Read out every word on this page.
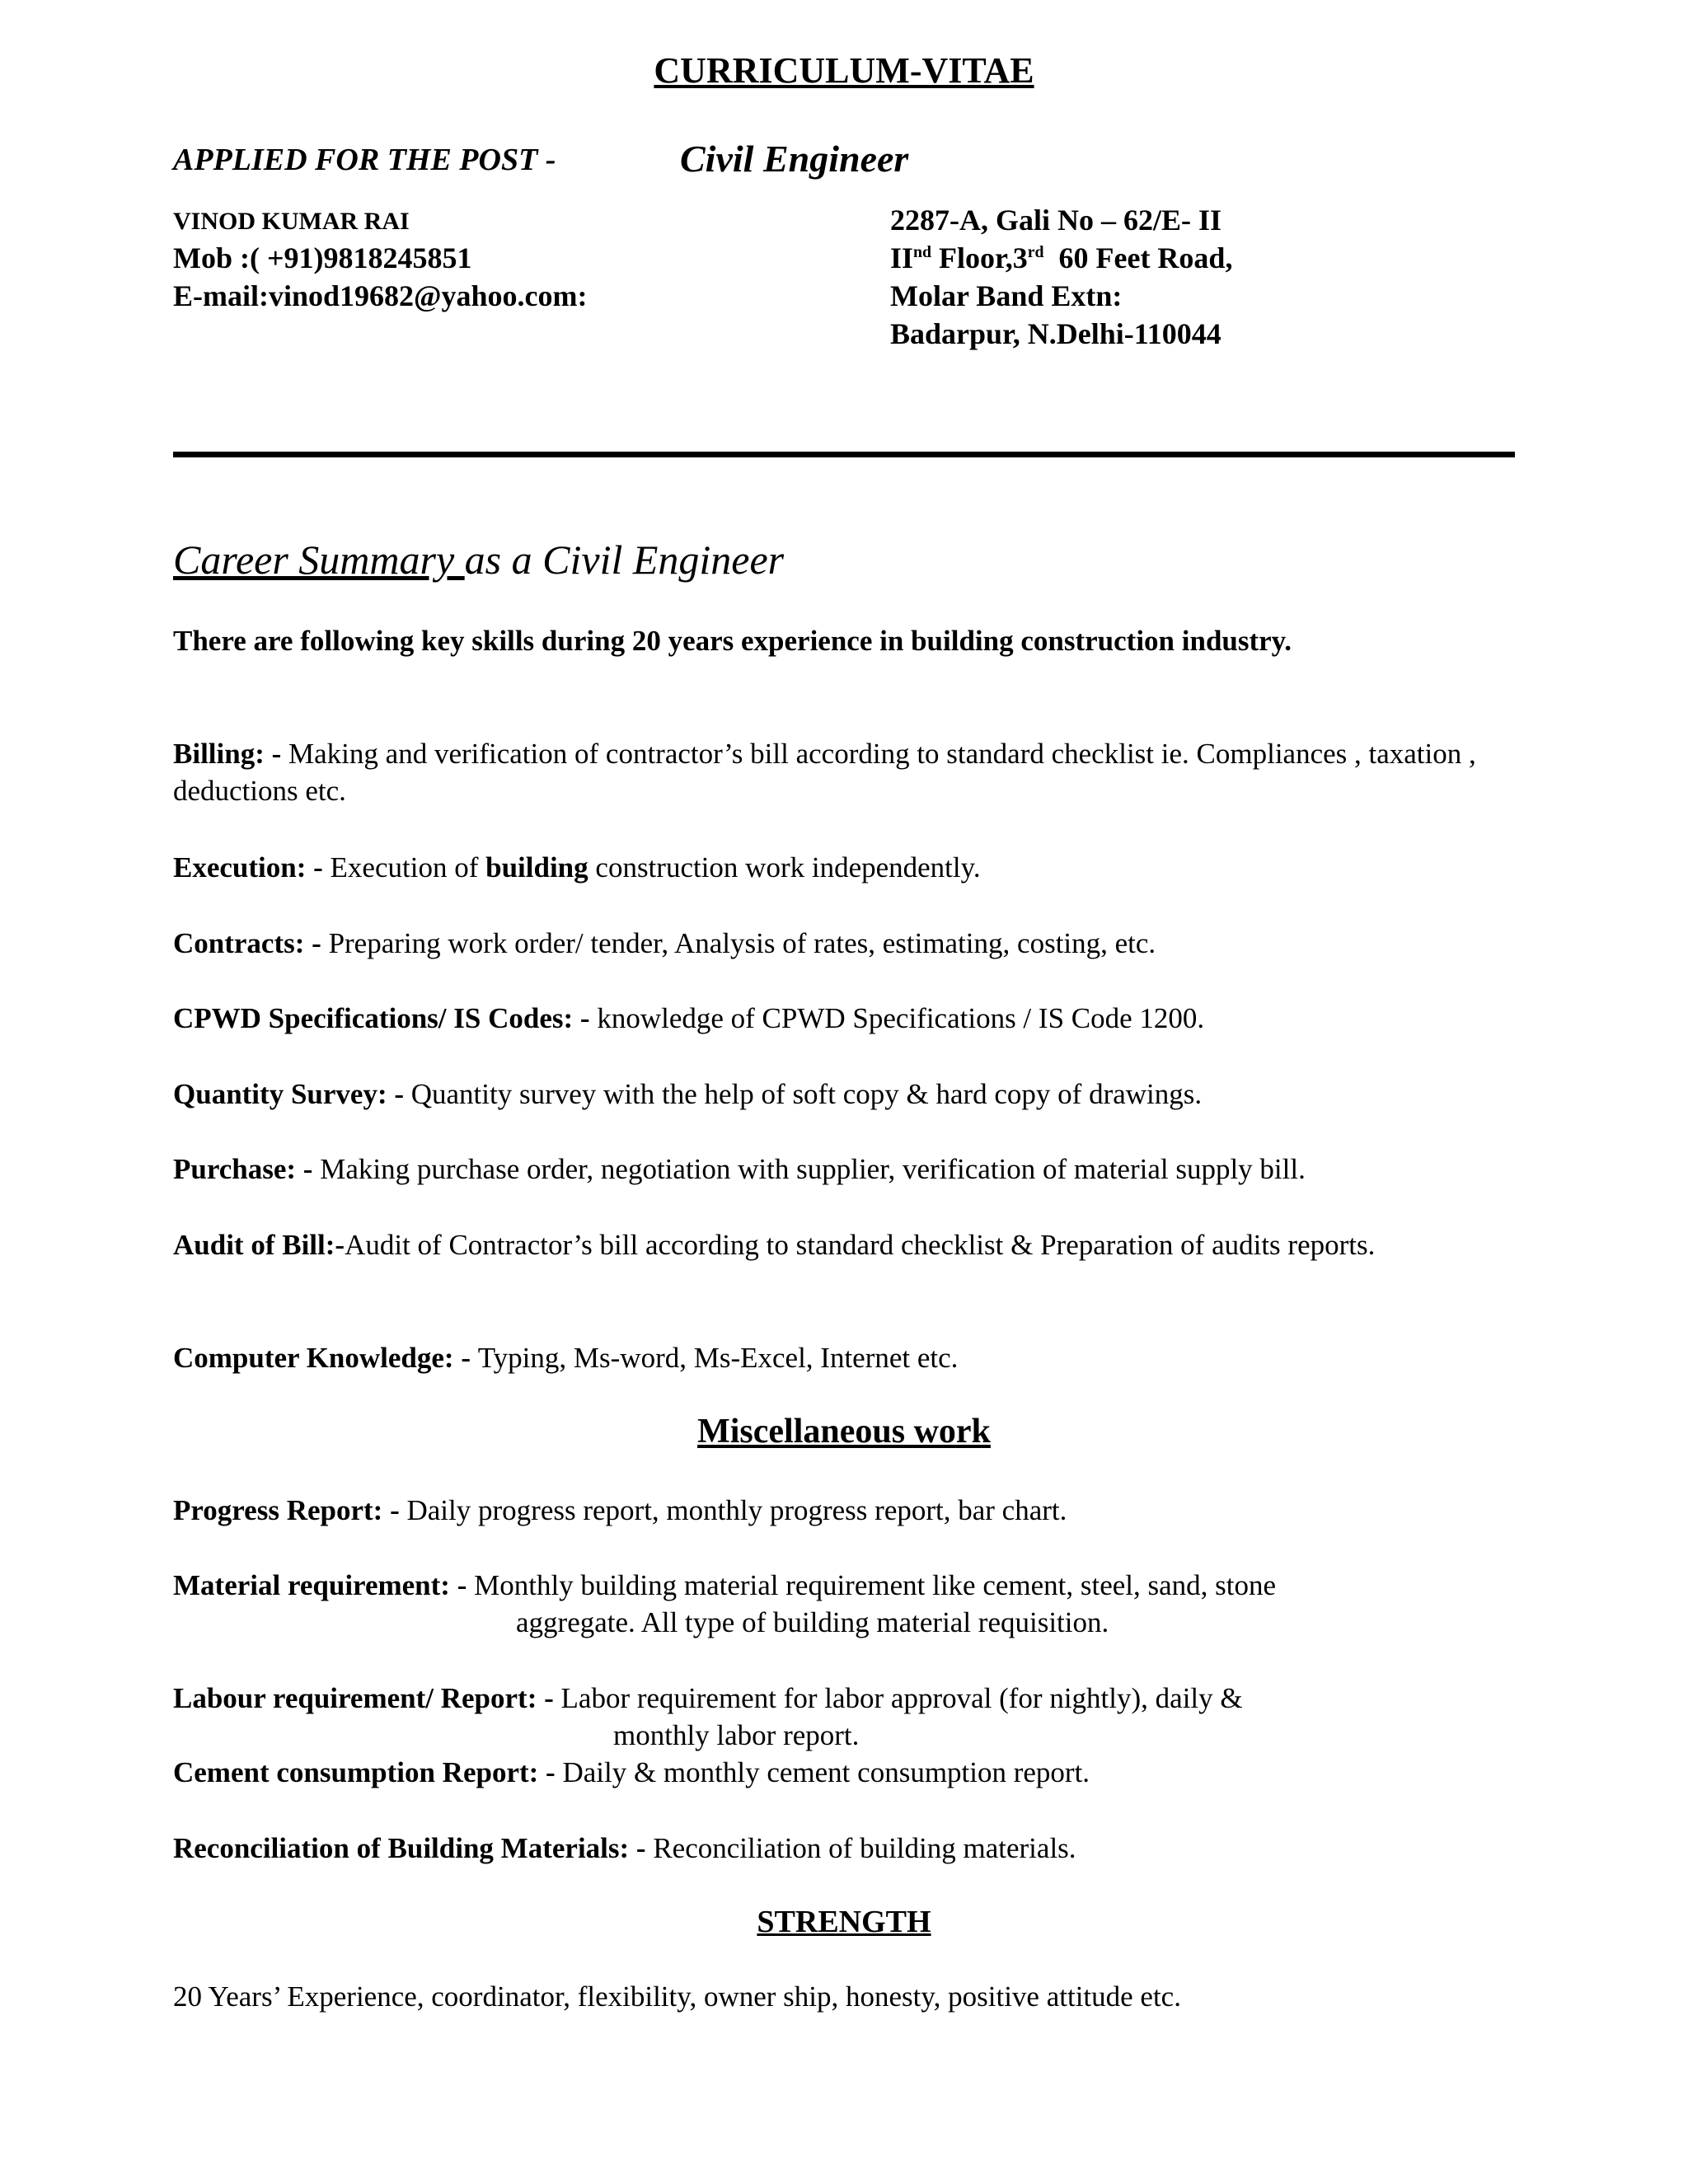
CURRICULUM-VITAE
APPLIED FOR THE POST -	Civil Engineer
VINOD KUMAR RAI
Mob :( +91)9818245851
E-mail:vinod19682@yahoo.com:
2287-A, Gali No – 62/E- II
IInd Floor,3rd  60 Feet Road,
Molar Band Extn:
Badarpur, N.Delhi-110044
Career Summary as a Civil Engineer
There are following key skills during 20 years experience in building construction industry.
Billing: - Making and verification of contractor’s bill according to standard checklist ie. Compliances , taxation , deductions etc.
Execution: - Execution of building construction work independently.
Contracts: - Preparing work order/ tender, Analysis of rates, estimating, costing, etc.
CPWD Specifications/ IS Codes: - knowledge of CPWD Specifications / IS Code 1200.
Quantity Survey: - Quantity survey with the help of soft copy & hard copy of drawings.
Purchase: - Making purchase order, negotiation with supplier, verification of material supply bill.
Audit of Bill:-Audit of Contractor’s bill according to standard checklist & Preparation of audits reports.
Computer Knowledge: - Typing, Ms-word, Ms-Excel, Internet etc.
Miscellaneous work
Progress Report: - Daily progress report, monthly progress report, bar chart.
Material requirement: - Monthly building material requirement like cement, steel, sand, stone
aggregate. All type of building material requisition.
Labour requirement/ Report: - Labor requirement for labor approval (for nightly), daily &
monthly labor report.
Cement consumption Report: - Daily & monthly cement consumption report.
Reconciliation of Building Materials: - Reconciliation of building materials.
STRENGTH
20 Years’ Experience, coordinator, flexibility, owner ship, honesty, positive attitude etc.
